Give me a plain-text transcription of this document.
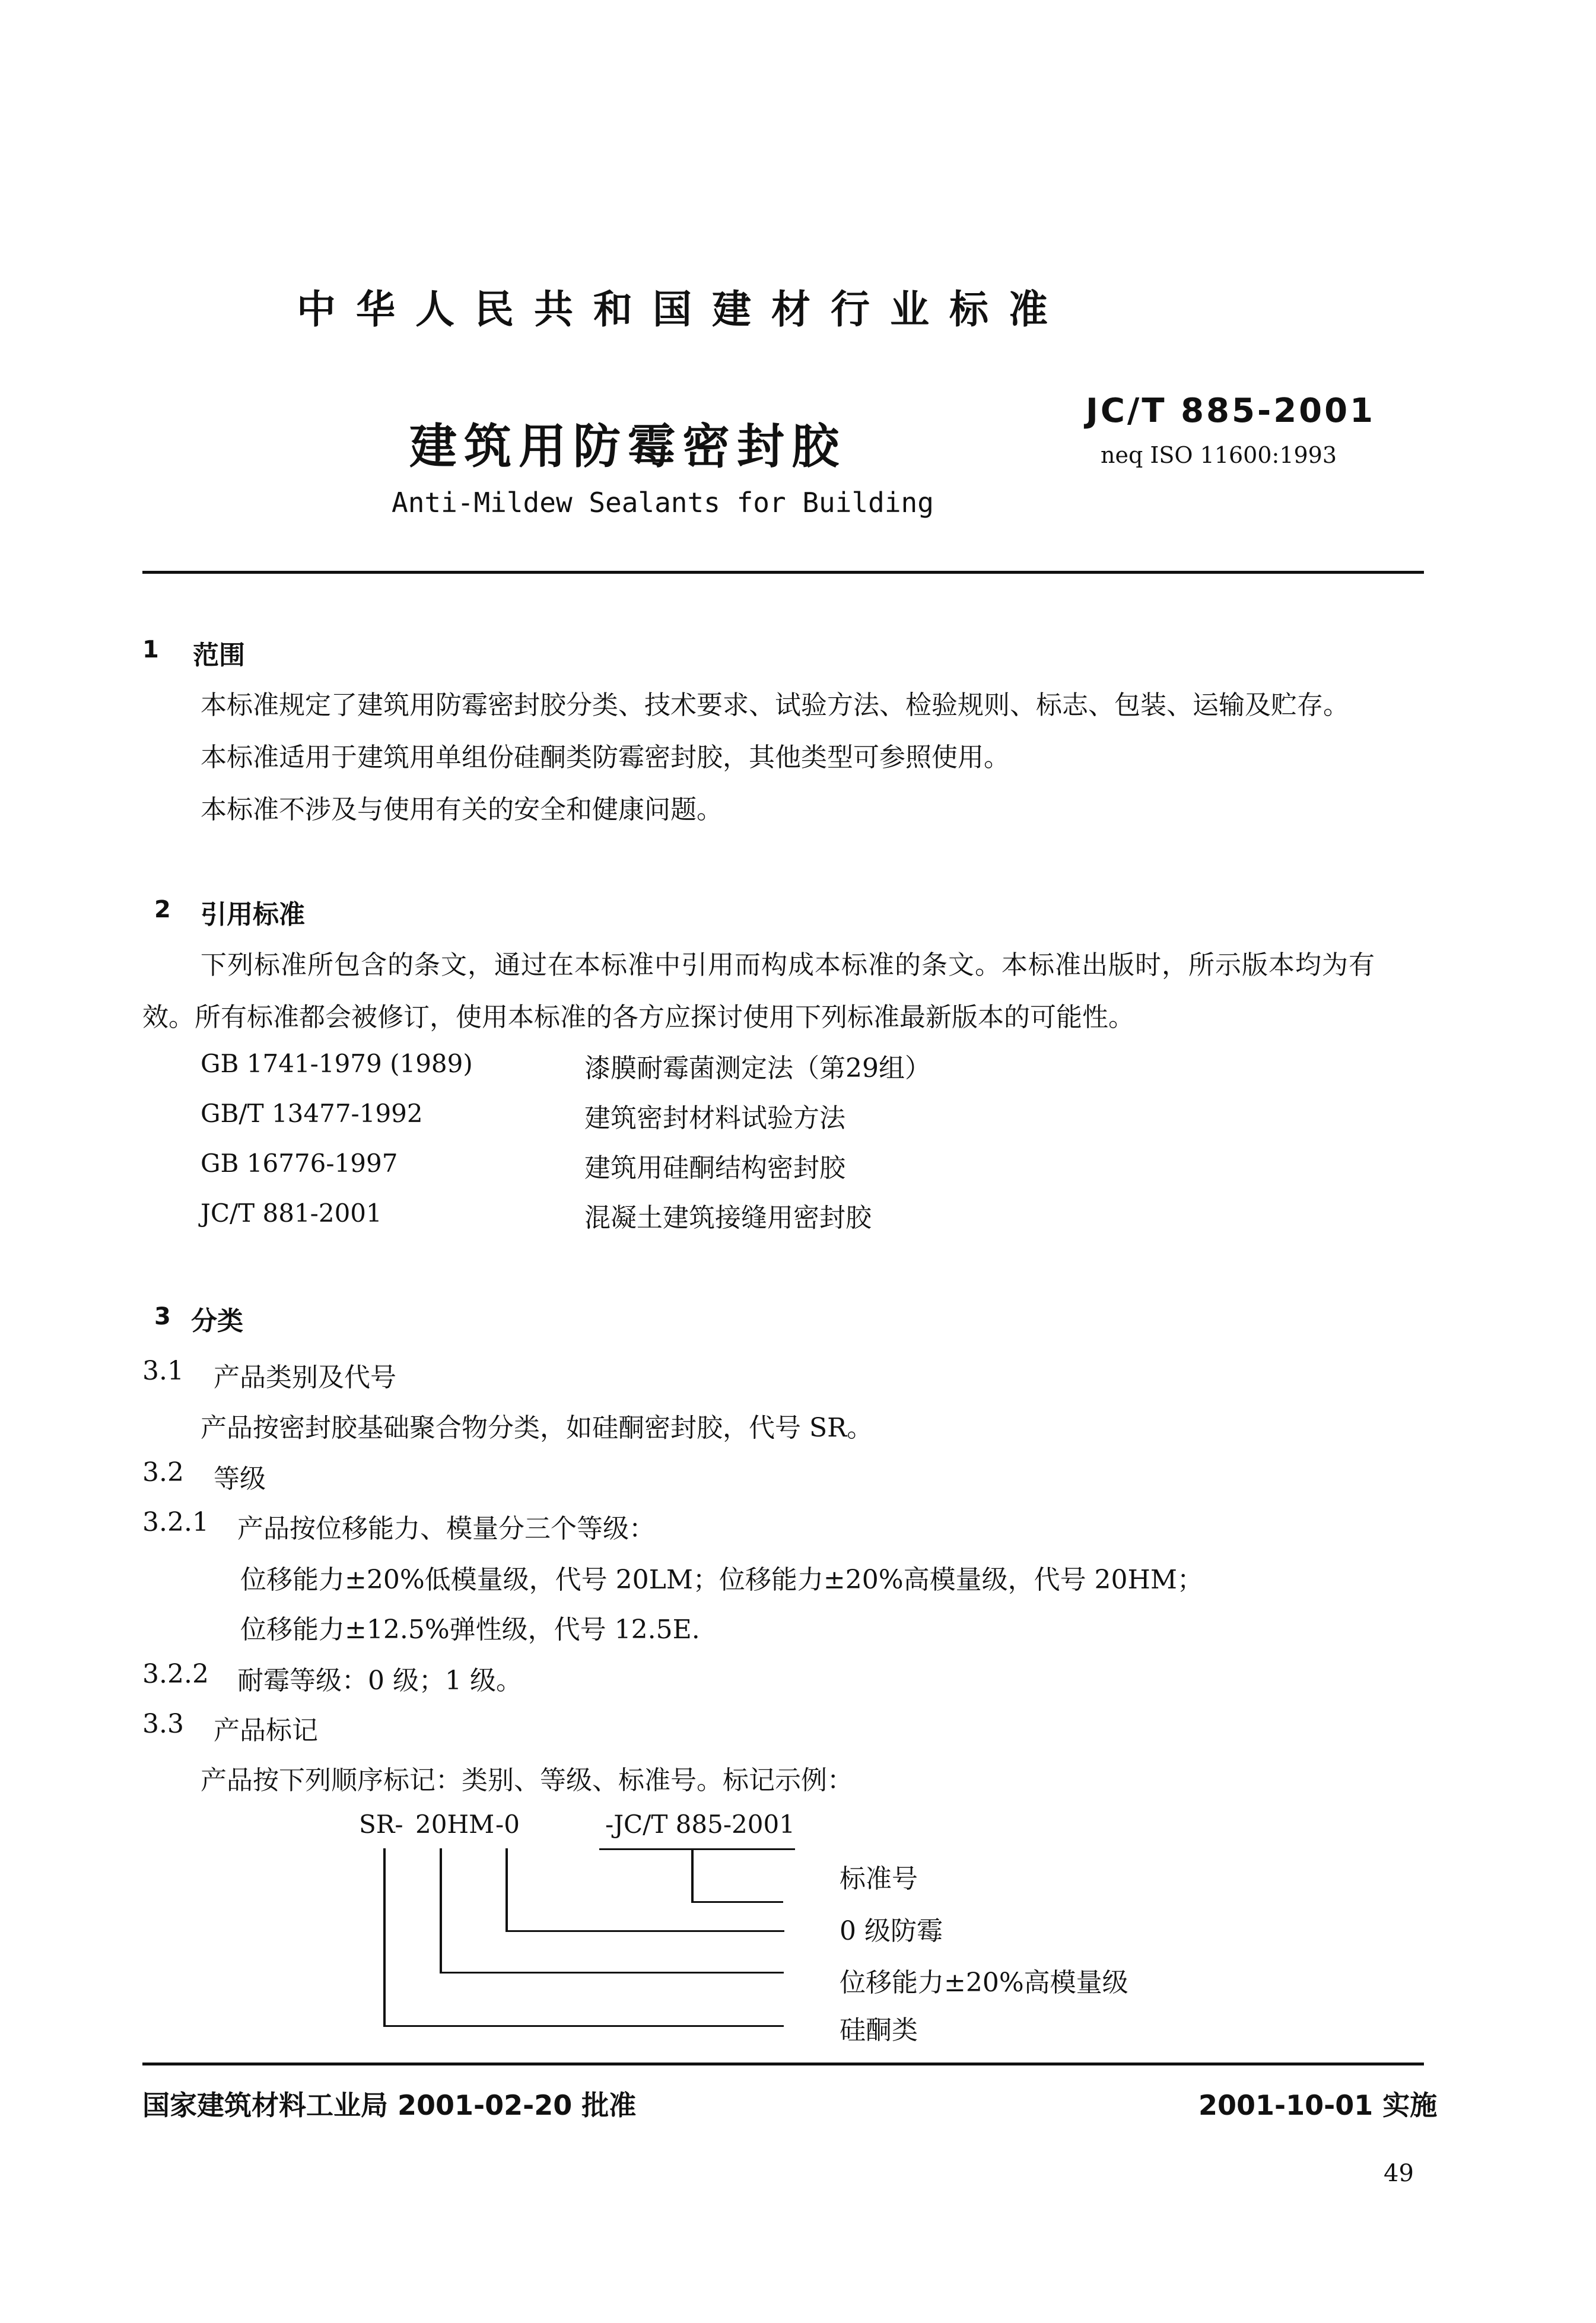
中华人民共和国建材行业标准
建筑用防霉密封胶
JC/T 885-2001
neq ISO 11600:1993
Anti-Mildew Sealants for Building
1 范围
本标准规定了建筑用防霉密封胶分类、技术要求、试验方法、检验规则、标志、包装、运输及贮存。
本标准适用于建筑用单组份硅酮类防霉密封胶，其他类型可参照使用。
本标准不涉及与使用有关的安全和健康问题。
2 引用标准
下列标准所包含的条文，通过在本标准中引用而构成本标准的条文。本标准出版时，所示版本均为有
效。所有标准都会被修订，使用本标准的各方应探讨使用下列标准最新版本的可能性。
GB 1741-1979 (1989)	漆膜耐霉菌测定法（第29组）
GB/T 13477-1992	建筑密封材料试验方法
GB 16776-1997	建筑用硅酮结构密封胶
JC/T 881-2001	混凝土建筑接缝用密封胶
3 分类
3.1 产品类别及代号
产品按密封胶基础聚合物分类，如硅酮密封胶，代号 SR。
3.2 等级
3.2.1 产品按位移能力、模量分三个等级：
位移能力±20%低模量级，代号 20LM；位移能力±20%高模量级，代号 20HM；
位移能力±12.5%弹性级，代号 12.5E.
3.2.2 耐霉等级：0 级；1 级。
3.3 产品标记
产品按下列顺序标记：类别、等级、标准号。标记示例：
SR- 20HM -0	-JC/T 885-2001
标准号
0 级防霉
位移能力±20%高模量级
硅酮类
国家建筑材料工业局 2001-02-20 批准	2001-10-01 实施
49
